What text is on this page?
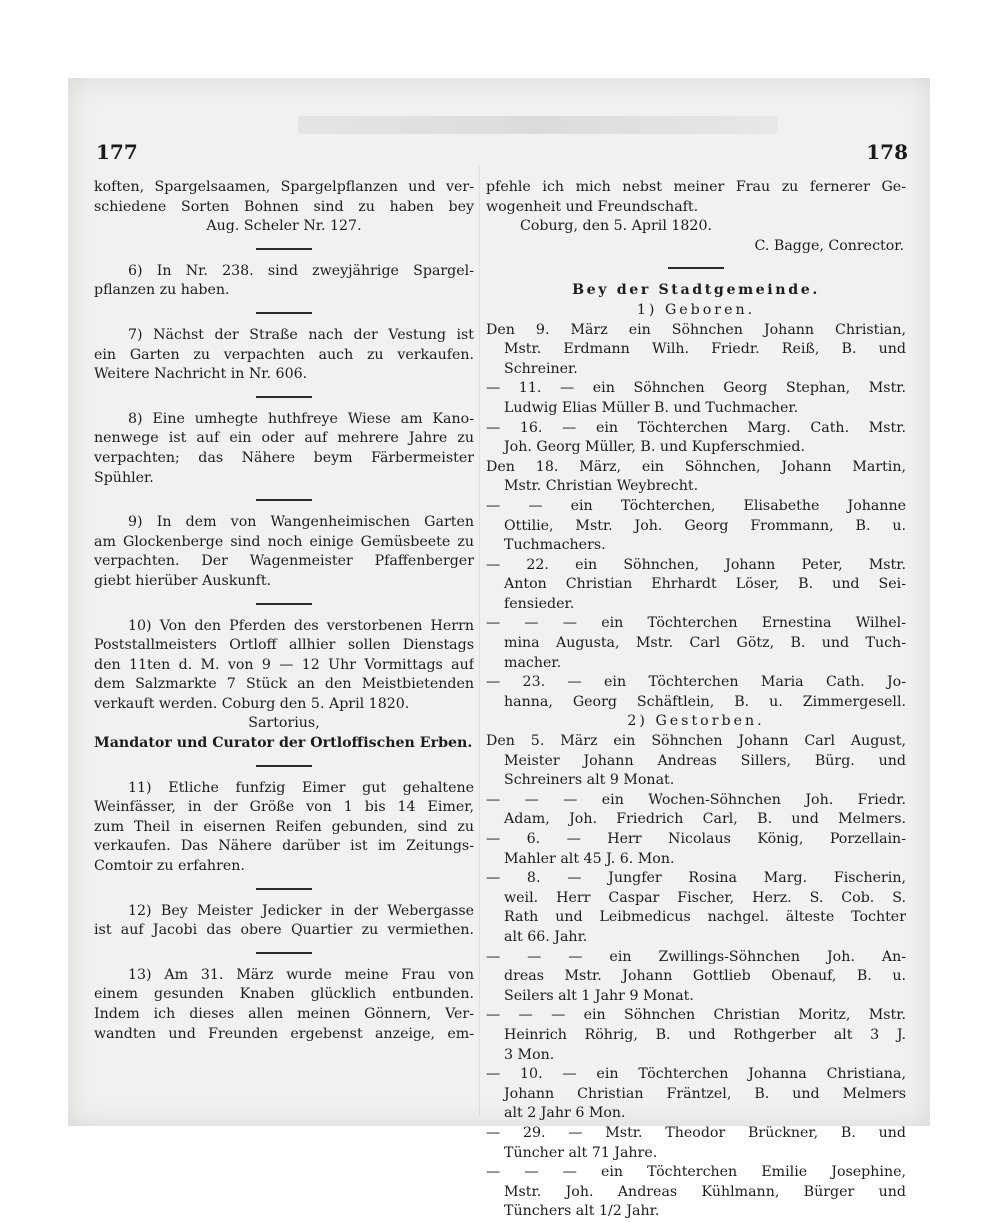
177	178
koften, Spargelsaamen, Spargelpflanzen und ver-
schiedene Sorten Bohnen sind zu haben bey
Aug. Scheler Nr. 127.
6) In Nr. 238. sind zweyjährige Spargel-
pflanzen zu haben.
7) Nächst der Straße nach der Vestung ist
ein Garten zu verpachten auch zu verkaufen.
Weitere Nachricht in Nr. 606.
8) Eine umhegte huthfreye Wiese am Kano-
nenwege ist auf ein oder auf mehrere Jahre zu
verpachten; das Nähere beym Färbermeister
Spühler.
9) In dem von Wangenheimischen Garten
am Glockenberge sind noch einige Gemüsbeete zu
verpachten. Der Wagenmeister Pfaffenberger
giebt hierüber Auskunft.
10) Von den Pferden des verstorbenen Herrn
Poststallmeisters Ortloff allhier sollen Dienstags
den 11ten d. M. von 9 — 12 Uhr Vormittags auf
dem Salzmarkte 7 Stück an den Meistbietenden
verkauft werden. Coburg den 5. April 1820.
Sartorius,
Mandator und Curator der Ortloffischen Erben.
11) Etliche funfzig Eimer gut gehaltene
Weinfässer, in der Größe von 1 bis 14 Eimer,
zum Theil in eisernen Reifen gebunden, sind zu
verkaufen. Das Nähere darüber ist im Zeitungs-
Comtoir zu erfahren.
12) Bey Meister Jedicker in der Webergasse
ist auf Jacobi das obere Quartier zu vermiethen.
13) Am 31. März wurde meine Frau von
einem gesunden Knaben glücklich entbunden.
Indem ich dieses allen meinen Gönnern, Ver-
wandten und Freunden ergebenst anzeige, em-
pfehle ich mich nebst meiner Frau zu fernerer Ge-
wogenheit und Freundschaft.
Coburg, den 5. April 1820.
C. Bagge, Conrector.
Bey der Stadtgemeinde.
1) Geboren.
Den 9. März ein Söhnchen Johann Christian,
Mstr. Erdmann Wilh. Friedr. Reiß, B. und
Schreiner.
— 11. — ein Söhnchen Georg Stephan, Mstr.
Ludwig Elias Müller B. und Tuchmacher.
— 16. — ein Töchterchen Marg. Cath. Mstr.
Joh. Georg Müller, B. und Kupferschmied.
Den 18. März, ein Söhnchen, Johann Martin,
Mstr. Christian Weybrecht.
— — ein Töchterchen, Elisabethe Johanne
Ottilie, Mstr. Joh. Georg Frommann, B. u.
Tuchmachers.
— 22. ein Söhnchen, Johann Peter, Mstr.
Anton Christian Ehrhardt Löser, B. und Sei-
fensieder.
— — — ein Töchterchen Ernestina Wilhel-
mina Augusta, Mstr. Carl Götz, B. und Tuch-
macher.
— 23. — ein Töchterchen Maria Cath. Jo-
hanna, Georg Schäftlein, B. u. Zimmergesell.
2) Gestorben.
Den 5. März ein Söhnchen Johann Carl August,
Meister Johann Andreas Sillers, Bürg. und
Schreiners alt 9 Monat.
— — — ein Wochen-Söhnchen Joh. Friedr.
Adam, Joh. Friedrich Carl, B. und Melmers.
— 6. — Herr Nicolaus König, Porzellain-
Mahler alt 45 J. 6. Mon.
— 8. — Jungfer Rosina Marg. Fischerin,
weil. Herr Caspar Fischer, Herz. S. Cob. S.
Rath und Leibmedicus nachgel. älteste Tochter
alt 66. Jahr.
— — — ein Zwillings-Söhnchen Joh. An-
dreas Mstr. Johann Gottlieb Obenauf, B. u.
Seilers alt 1 Jahr 9 Monat.
— — — ein Söhnchen Christian Moritz, Mstr.
Heinrich Röhrig, B. und Rothgerber alt 3 J.
3 Mon.
— 10. — ein Töchterchen Johanna Christiana,
Johann Christian Fräntzel, B. und Melmers
alt 2 Jahr 6 Mon.
— 29. — Mstr. Theodor Brückner, B. und
Tüncher alt 71 Jahre.
— — — ein Töchterchen Emilie Josephine,
Mstr. Joh. Andreas Kühlmann, Bürger und
Tünchers alt 1/2 Jahr.
